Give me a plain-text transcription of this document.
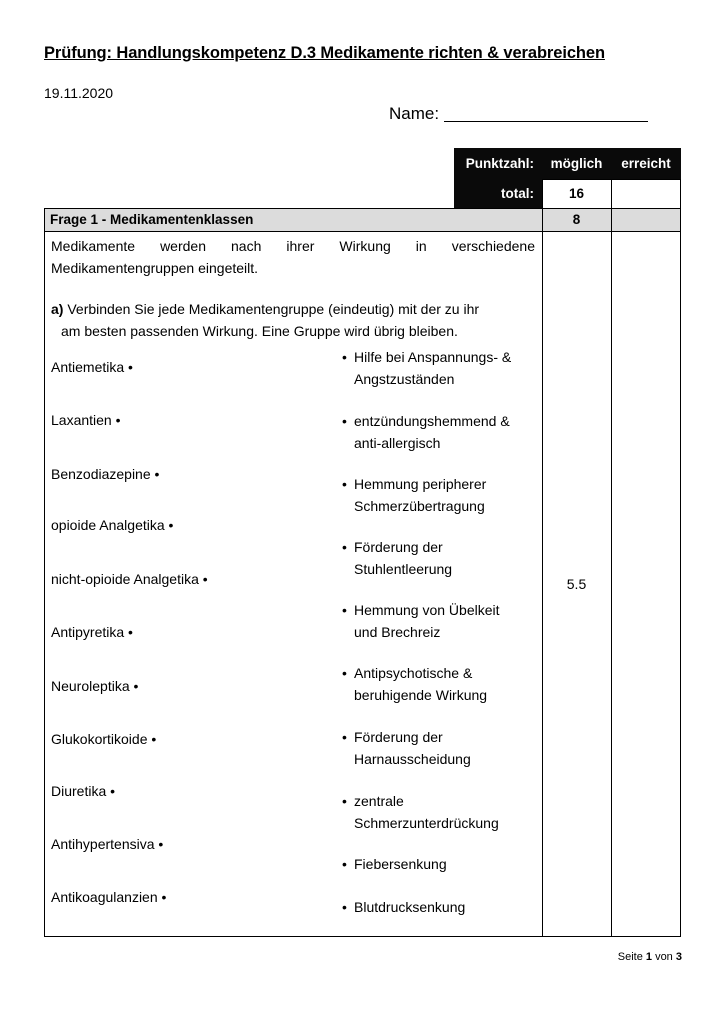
Prüfung: Handlungskompetenz D.3 Medikamente richten & verabreichen
19.11.2020
Name:
Punktzahl:	möglich	erreicht
total:	16
Frage 1 - Medikamentenklassen	8
Medikamente werden nach ihrer Wirkung in verschiedene Medikamentengruppen eingeteilt.
a) Verbinden Sie jede Medikamentengruppe (eindeutig) mit der zu ihr
am besten passenden Wirkung. Eine Gruppe wird übrig bleiben.
Antiemetika •
Laxantien •
Benzodiazepine •
opioide Analgetika •
nicht-opioide Analgetika •
Antipyretika •
Neuroleptika •
Glukokortikoide •
Diuretika •
Antihypertensiva •
Antikoagulanzien •
• Hilfe bei Anspannungs- &
Angstzuständen
• entzündungshemmend &
anti-allergisch
• Hemmung peripherer
Schmerzübertragung
• Förderung der
Stuhlentleerung
• Hemmung von Übelkeit
und Brechreiz
• Antipsychotische &
beruhigende Wirkung
• Förderung der
Harnausscheidung
• zentrale
Schmerzunterdrückung
• Fiebersenkung
• Blutdrucksenkung
5.5
Seite 1 von 3
